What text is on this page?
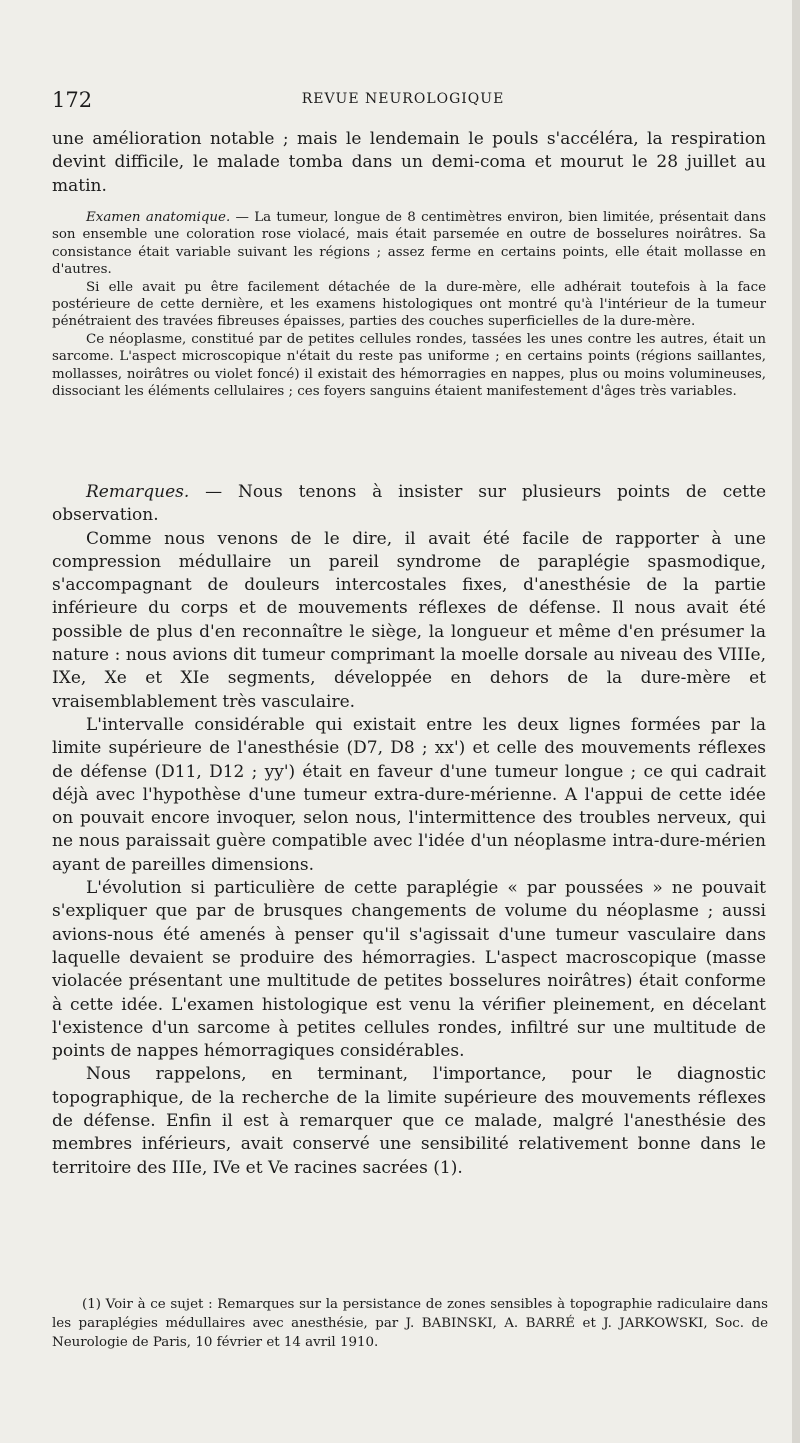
172	REVUE NEUROLOGIQUE

une amélioration notable ; mais le lendemain le pouls s'accéléra, la respiration devint difficile, le malade tomba dans un demi-coma et mourut le 28 juillet au matin.

Examen anatomique. — La tumeur, longue de 8 centimètres environ, bien limitée, présentait dans son ensemble une coloration rose violacé, mais était parsemée en outre de bosselures noirâtres. Sa consistance était variable suivant les régions ; assez ferme en certains points, elle était mollasse en d'autres.

Si elle avait pu être facilement détachée de la dure-mère, elle adhérait toutefois à la face postérieure de cette dernière, et les examens histologiques ont montré qu'à l'intérieur de la tumeur pénétraient des travées fibreuses épaisses, parties des couches superficielles de la dure-mère.

Ce néoplasme, constitué par de petites cellules rondes, tassées les unes contre les autres, était un sarcome. L'aspect microscopique n'était du reste pas uniforme ; en certains points (régions saillantes, mollasses, noirâtres ou violet foncé) il existait des hémorragies en nappes, plus ou moins volumineuses, dissociant les éléments cellulaires ; ces foyers sanguins étaient manifestement d'âges très variables.

Remarques. — Nous tenons à insister sur plusieurs points de cette observation.

Comme nous venons de le dire, il avait été facile de rapporter à une compression médullaire un pareil syndrome de paraplégie spasmodique, s'accompagnant de douleurs intercostales fixes, d'anesthésie de la partie inférieure du corps et de mouvements réflexes de défense. Il nous avait été possible de plus d'en reconnaître le siège, la longueur et même d'en présumer la nature : nous avions dit tumeur comprimant la moelle dorsale au niveau des VIIIe, IXe, Xe et XIe segments, développée en dehors de la dure-mère et vraisemblablement très vasculaire.

L'intervalle considérable qui existait entre les deux lignes formées par la limite supérieure de l'anesthésie (D7, D8 ; xx') et celle des mouvements réflexes de défense (D11, D12 ; yy') était en faveur d'une tumeur longue ; ce qui cadrait déjà avec l'hypothèse d'une tumeur extra-dure-mérienne. A l'appui de cette idée on pouvait encore invoquer, selon nous, l'intermittence des troubles nerveux, qui ne nous paraissait guère compatible avec l'idée d'un néoplasme intra-dure-mérien ayant de pareilles dimensions.

L'évolution si particulière de cette paraplégie « par poussées » ne pouvait s'expliquer que par de brusques changements de volume du néoplasme ; aussi avions-nous été amenés à penser qu'il s'agissait d'une tumeur vasculaire dans laquelle devaient se produire des hémorragies. L'aspect macroscopique (masse violacée présentant une multitude de petites bosselures noirâtres) était conforme à cette idée. L'examen histologique est venu la vérifier pleinement, en décelant l'existence d'un sarcome à petites cellules rondes, infiltré sur une multitude de points de nappes hémorragiques considérables.

Nous rappelons, en terminant, l'importance, pour le diagnostic topographique, de la recherche de la limite supérieure des mouvements réflexes de défense. Enfin il est à remarquer que ce malade, malgré l'anesthésie des membres inférieurs, avait conservé une sensibilité relativement bonne dans le territoire des IIIe, IVe et Ve racines sacrées (1).

(1) Voir à ce sujet : Remarques sur la persistance de zones sensibles à topographie radiculaire dans les paraplégies médullaires avec anesthésie, par J. BABINSKI, A. BARRÉ et J. JARKOWSKI, Soc. de Neurologie de Paris, 10 février et 14 avril 1910.
